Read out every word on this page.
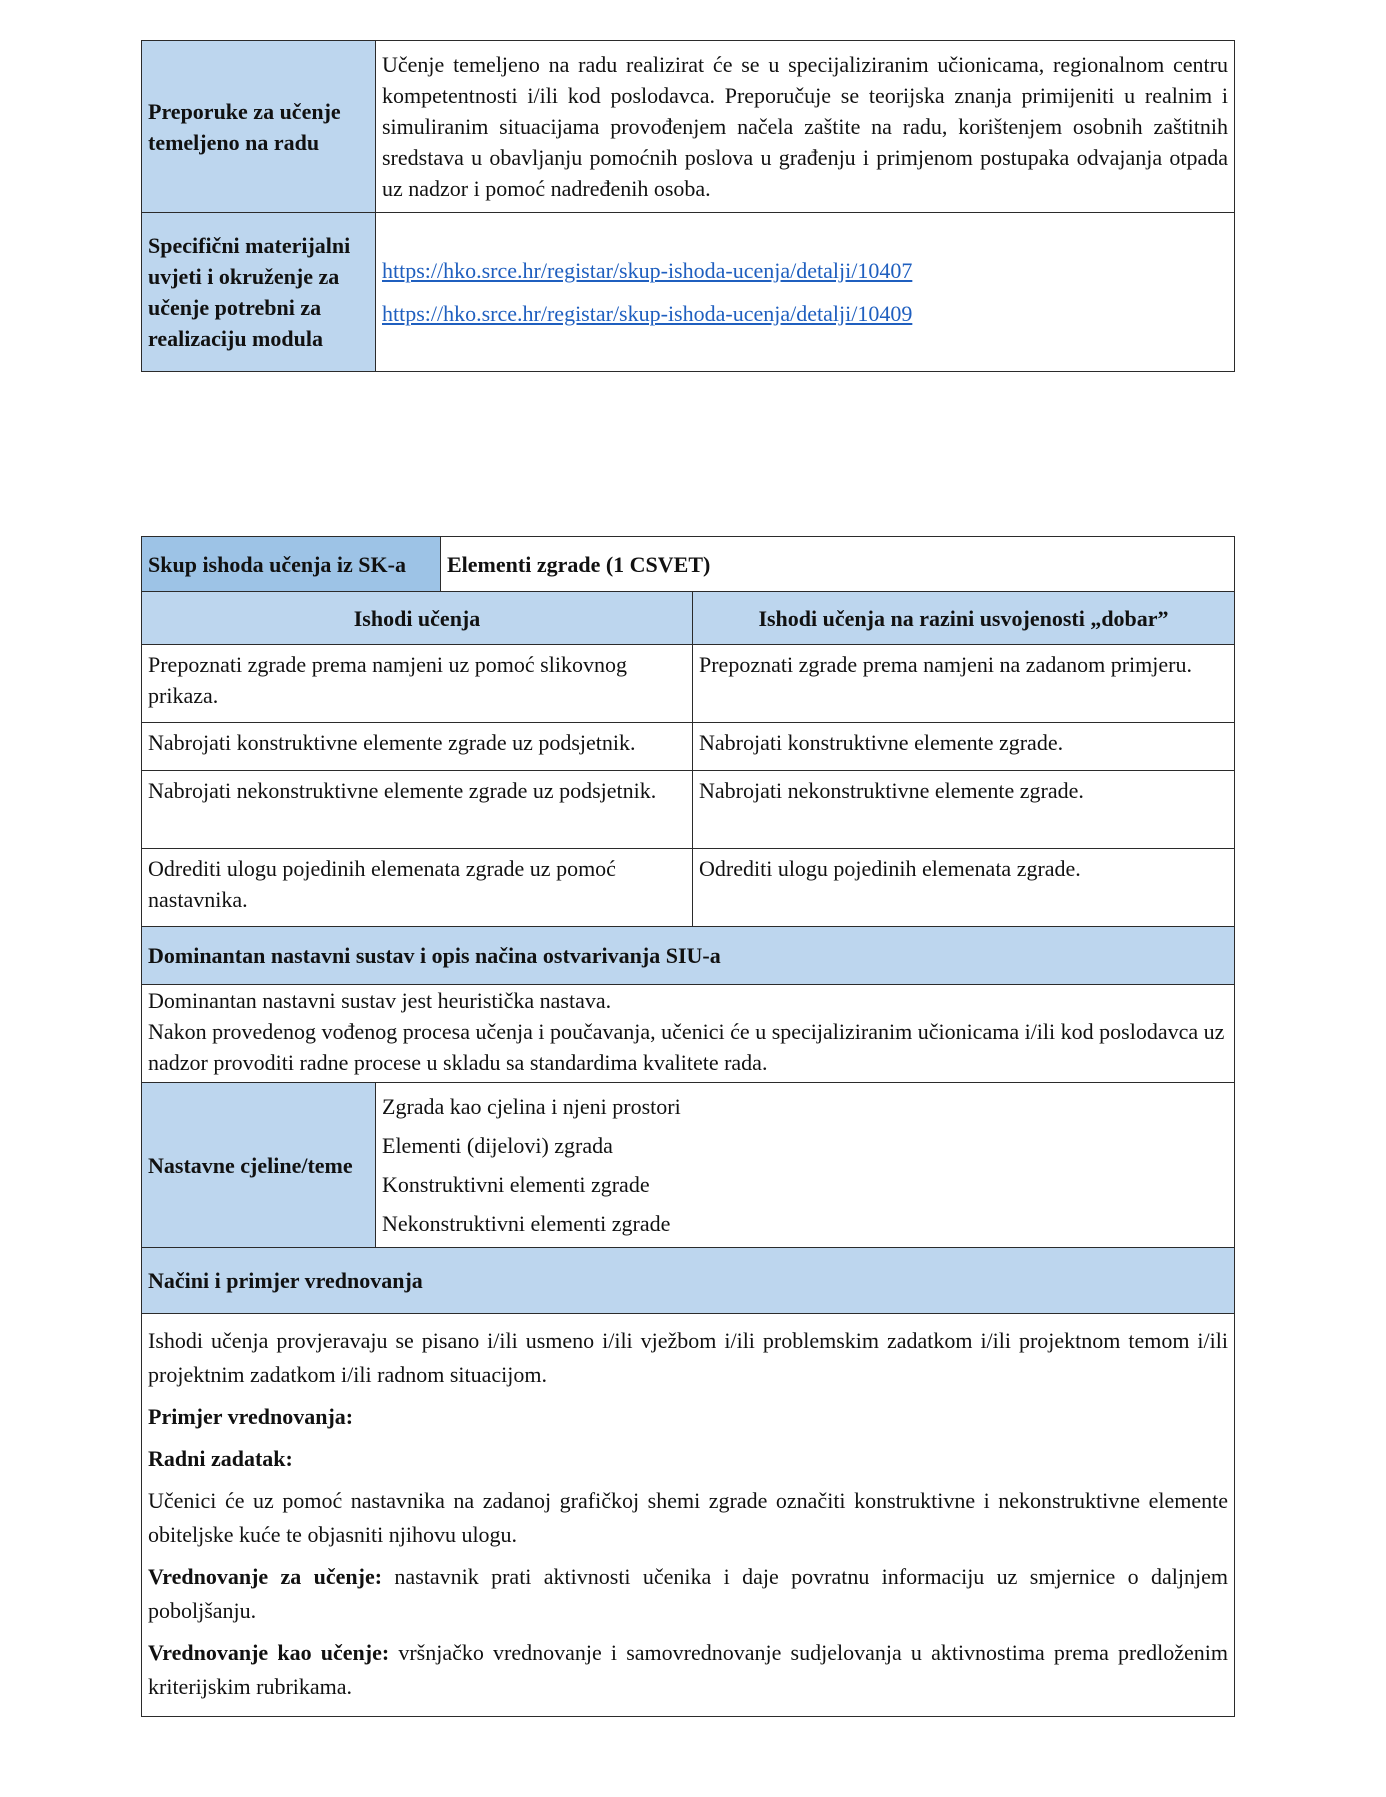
Preporuke za učenje temeljeno na radu	Učenje temeljeno na radu realizirat će se u specijaliziranim učionicama, regionalnom centru kompetentnosti i/ili kod poslodavca. Preporučuje se teorijska znanja primijeniti u realnim i simuliranim situacijama provođenjem načela zaštite na radu, korištenjem osobnih zaštitnih sredstava u obavljanju pomoćnih poslova u građenju i primjenom postupaka odvajanja otpada uz nadzor i pomoć nadređenih osoba.
Specifični materijalni uvjeti i okruženje za učenje potrebni za realizaciju modula	https://hko.srce.hr/registar/skup-ishoda-ucenja/detalji/10407
https://hko.srce.hr/registar/skup-ishoda-ucenja/detalji/10409
Skup ishoda učenja iz SK-a		Elementi zgrade (1 CSVET)	
Ishodi učenja			Ishodi učenja na razini usvojenosti „dobar”
Prepoznati zgrade prema namjeni uz pomoć slikovnog prikaza.			Prepoznati zgrade prema namjeni na zadanom primjeru.
Nabrojati konstruktivne elemente zgrade uz podsjetnik.			Nabrojati konstruktivne elemente zgrade.
Nabrojati nekonstruktivne elemente zgrade uz podsjetnik.			Nabrojati nekonstruktivne elemente zgrade.
Odrediti ulogu pojedinih elemenata zgrade uz pomoć nastavnika.			Odrediti ulogu pojedinih elemenata zgrade.
Dominantan nastavni sustav i opis načina ostvarivanja SIU-a			

Dominantan nastavni sustav jest heuristička nastava.
Nakon provedenog vođenog procesa učenja i poučavanja, učenici će u specijaliziranim učionicama i/ili kod poslodavca uz nadzor provoditi radne procese u skladu sa standardima kvalitete rada.			

Nastavne cjeline/teme	Zgrada kao cjelina i njeni prostori
Elementi (dijelovi) zgrada
Konstruktivni elementi zgrade
Nekonstruktivni elementi zgrade		

Načini i primjer vrednovanja			

Ishodi učenja provjeravaju se pisano i/ili usmeno i/ili vježbom i/ili problemskim zadatkom i/ili projektnom temom i/ili projektnim zadatkom i/ili radnom situacijom.

Primjer vrednovanja:

Radni zadatak:

Učenici će uz pomoć nastavnika na zadanoj grafičkoj shemi zgrade označiti konstruktivne i nekonstruktivne elemente obiteljske kuće te objasniti njihovu ulogu.

Vrednovanje za učenje: nastavnik prati aktivnosti učenika i daje povratnu informaciju uz smjernice o daljnjem poboljšanju.

Vrednovanje kao učenje: vršnjačko vrednovanje i samovrednovanje sudjelovanja u aktivnostima prema predloženim kriterijskim rubrikama.
